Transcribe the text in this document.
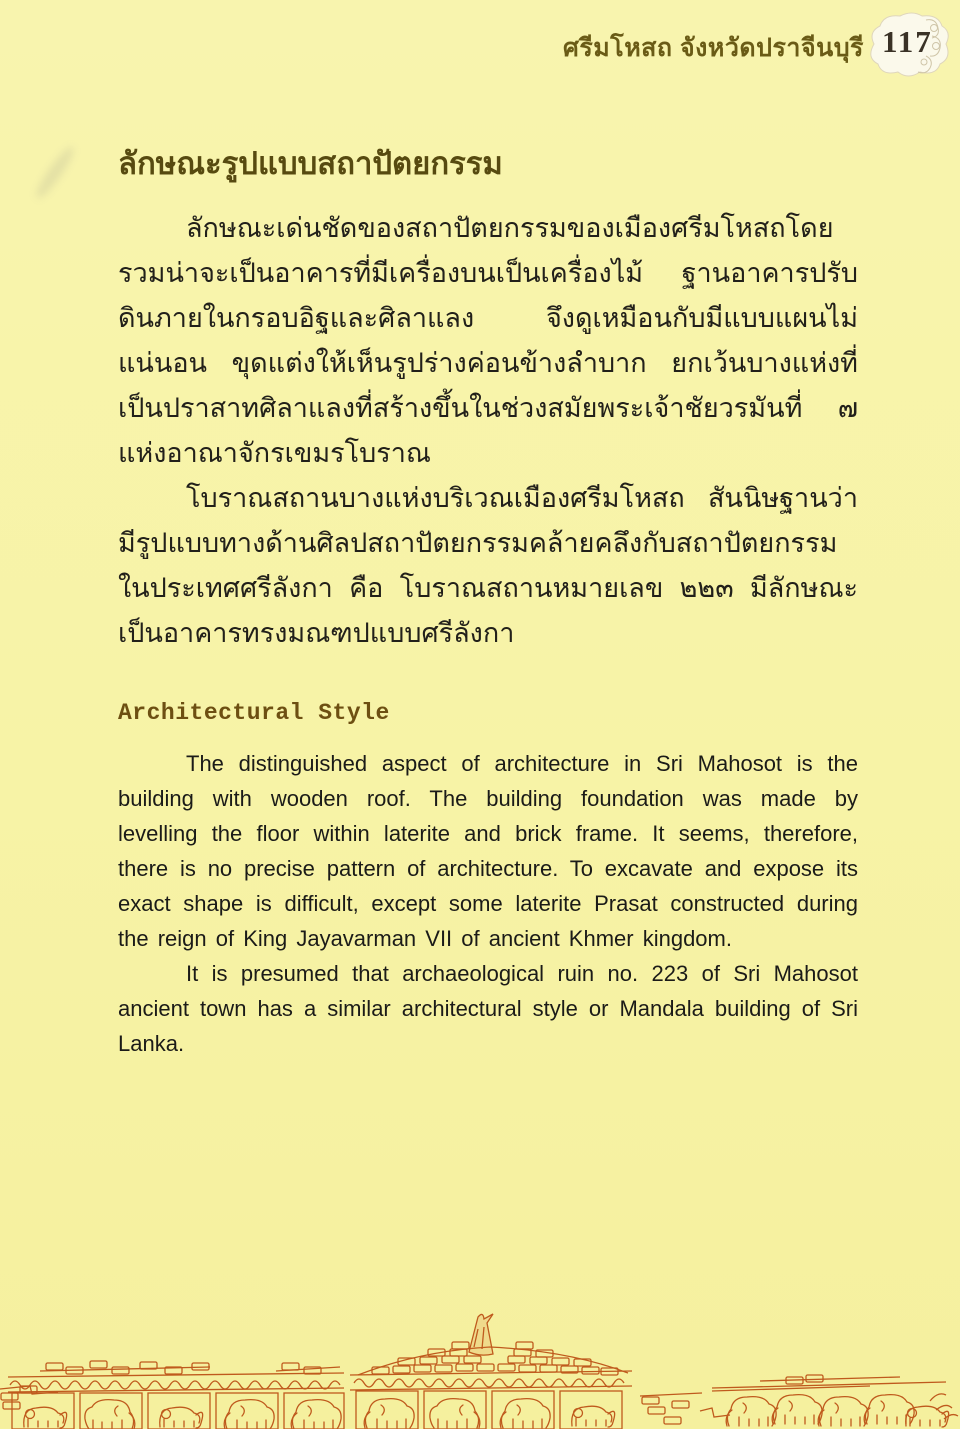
ศรีมโหสถ จังหวัดปราจีนบุรี 117
ลักษณะรูปแบบสถาปัตยกรรม

ลักษณะเด่นชัดของสถาปัตยกรรมของเมืองศรีมโหสถโดยรวมน่าจะเป็นอาคารที่มีเครื่องบนเป็นเครื่องไม้ ฐานอาคารปรับดินภายในกรอบอิฐและศิลาแลง จึงดูเหมือนกับมีแบบแผนไม่แน่นอน ขุดแต่งให้เห็นรูปร่างค่อนข้างลำบาก ยกเว้นบางแห่งที่เป็นปราสาทศิลาแลงที่สร้างขึ้นในช่วงสมัยพระเจ้าชัยวรมันที่ ๗ แห่งอาณาจักรเขมรโบราณ

โบราณสถานบางแห่งบริเวณเมืองศรีมโหสถ สันนิษฐานว่ามีรูปแบบทางด้านศิลปสถาปัตยกรรมคล้ายคลึงกับสถาปัตยกรรมในประเทศศรีลังกา คือ โบราณสถานหมายเลข ๒๒๓ มีลักษณะเป็นอาคารทรงมณฑปแบบศรีลังกา

Architectural Style

The distinguished aspect of architecture in Sri Mahosot is the building with wooden roof. The building foundation was made by levelling the floor within laterite and brick frame. It seems, therefore, there is no precise pattern of architecture. To excavate and expose its exact shape is difficult, except some laterite Prasat constructed during the reign of King Jayavarman VII of ancient Khmer kingdom.

It is presumed that archaeological ruin no. 223 of Sri Mahosot ancient town has a similar architectural style or Mandala building of Sri Lanka.
